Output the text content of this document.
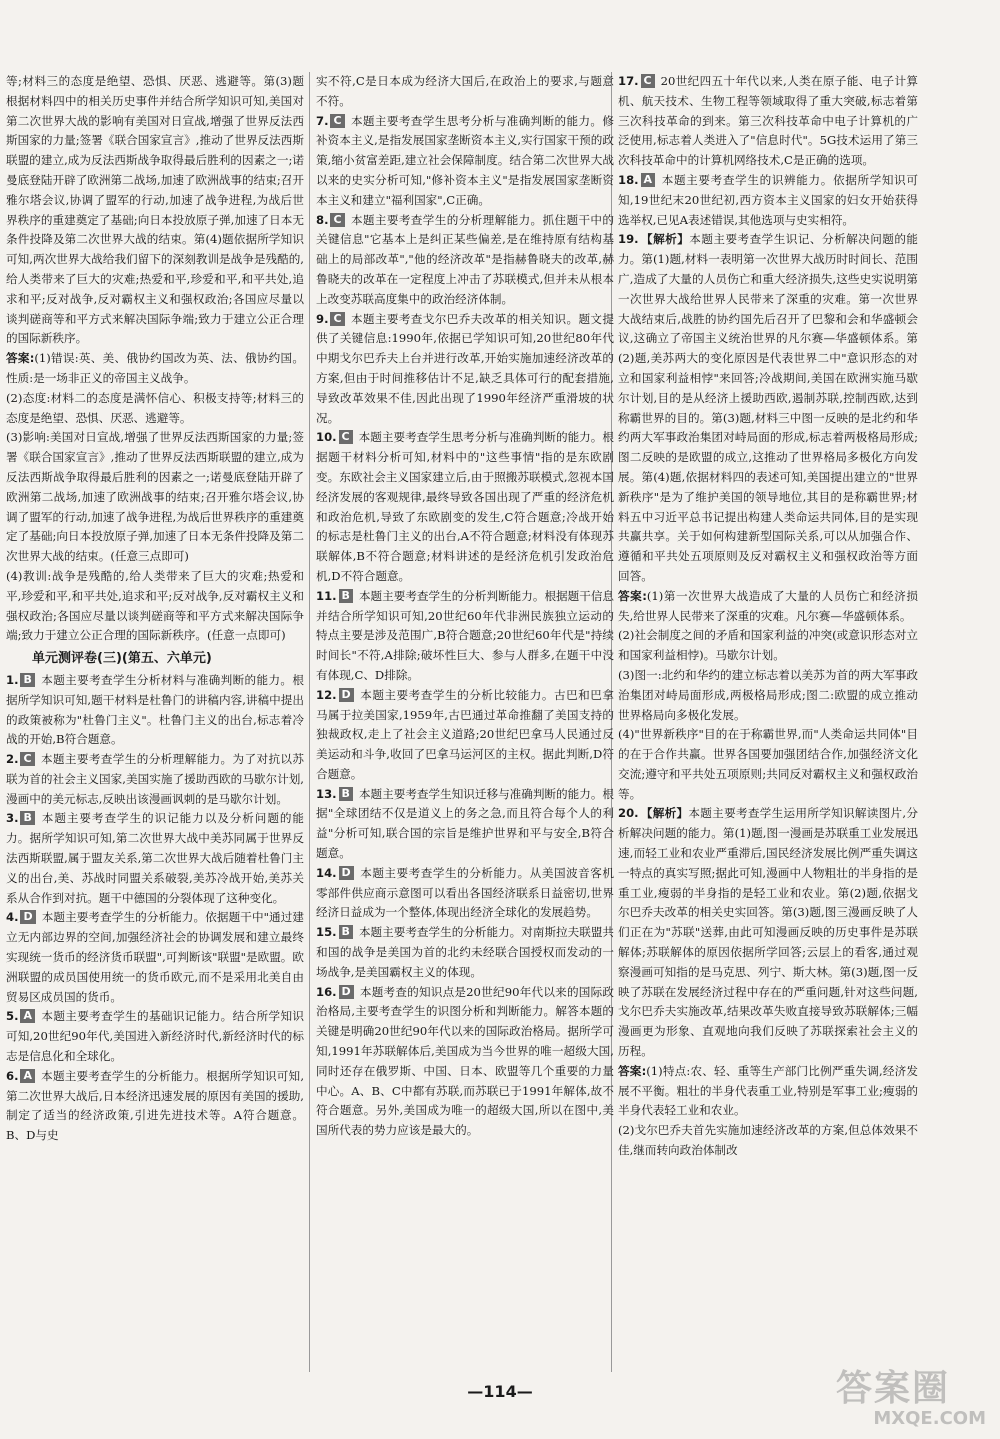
等;材料三的态度是绝望、恐惧、厌恶、逃避等。第(3)题根据材料四中的相关历史事件并结合所学知识可知,美国对第二次世界大战的影响有美国对日宣战,增强了世界反法西斯国家的力量;签署《联合国家宣言》,推动了世界反法西斯联盟的建立,成为反法西斯战争取得最后胜利的因素之一;诺曼底登陆开辟了欧洲第二战场,加速了欧洲战事的结束;召开雅尔塔会议,协调了盟军的行动,加速了战争进程,为战后世界秩序的重建奠定了基础;向日本投放原子弹,加速了日本无条件投降及第二次世界大战的结束。第(4)题依据所学知识可知,两次世界大战给我们留下的深刻教训是战争是残酷的,给人类带来了巨大的灾难;热爱和平,珍爱和平,和平共处,追求和平;反对战争,反对霸权主义和强权政治;各国应尽量以谈判磋商等和平方式来解决国际争端;致力于建立公正合理的国际新秩序。

答案:(1)错误:英、美、俄协约国改为英、法、俄协约国。性质:是一场非正义的帝国主义战争。

(2)态度:材料二的态度是满怀信心、积极支持等;材料三的态度是绝望、恐惧、厌恶、逃避等。

(3)影响:美国对日宣战,增强了世界反法西斯国家的力量;签署《联合国家宣言》,推动了世界反法西斯联盟的建立,成为反法西斯战争取得最后胜利的因素之一;诺曼底登陆开辟了欧洲第二战场,加速了欧洲战事的结束;召开雅尔塔会议,协调了盟军的行动,加速了战争进程,为战后世界秩序的重建奠定了基础;向日本投放原子弹,加速了日本无条件投降及第二次世界大战的结束。(任意三点即可)

(4)教训:战争是残酷的,给人类带来了巨大的灾难;热爱和平,珍爱和平,和平共处,追求和平;反对战争,反对霸权主义和强权政治;各国应尽量以谈判磋商等和平方式来解决国际争端;致力于建立公正合理的国际新秩序。(任意一点即可)

单元测评卷(三)(第五、六单元)

1. B 本题主要考查学生分析材料与准确判断的能力。根据所学知识可知,题干材料是杜鲁门的讲稿内容,讲稿中提出的政策被称为"杜鲁门主义"。杜鲁门主义的出台,标志着冷战的开始,B符合题意。

2. C 本题主要考查学生的分析理解能力。为了对抗以苏联为首的社会主义国家,美国实施了援助西欧的马歇尔计划,漫画中的美元标志,反映出该漫画讽刺的是马歇尔计划。

3. B 本题主要考查学生的识记能力以及分析问题的能力。据所学知识可知,第二次世界大战中美苏同属于世界反法西斯联盟,属于盟友关系,第二次世界大战后随着杜鲁门主义的出台,美、苏战时同盟关系破裂,美苏冷战开始,美苏关系从合作到对抗。题干中德国的分裂体现了这种变化。

4. D 本题主要考查学生的分析能力。依据题干中"通过建立无内部边界的空间,加强经济社会的协调发展和建立最终实现统一货币的经济货币联盟",可判断该"联盟"是欧盟。欧洲联盟的成员国使用统一的货币欧元,而不是采用北美自由贸易区成员国的货币。

5. A 本题主要考查学生的基础识记能力。结合所学知识可知,20世纪90年代,美国进入新经济时代,新经济时代的标志是信息化和全球化。

6. A 本题主要考查学生的分析能力。根据所学知识可知,第二次世界大战后,日本经济迅速发展的原因有美国的援助,制定了适当的经济政策,引进先进技术等。A符合题意。B、D与史

实不符,C是日本成为经济大国后,在政治上的要求,与题意不符。

7. C 本题主要考查学生思考分析与准确判断的能力。修补资本主义,是指发展国家垄断资本主义,实行国家干预的政策,缩小贫富差距,建立社会保障制度。结合第二次世界大战以来的史实分析可知,"修补资本主义"是指发展国家垄断资本主义和建立"福利国家",C正确。

8. C 本题主要考查学生的分析理解能力。抓住题干中的关键信息"它基本上是纠正某些偏差,是在维持原有结构基础上的局部改革","他的经济改革"是指赫鲁晓夫的改革,赫鲁晓夫的改革在一定程度上冲击了苏联模式,但并未从根本上改变苏联高度集中的政治经济体制。

9. C 本题主要考查戈尔巴乔夫改革的相关知识。题文提供了关键信息:1990年,依据已学知识可知,20世纪80年代中期戈尔巴乔夫上台并进行改革,开始实施加速经济改革的方案,但由于时间推移估计不足,缺乏具体可行的配套措施,导致改革效果不佳,因此出现了1990年经济严重滑坡的状况。

10. C 本题主要考查学生思考分析与准确判断的能力。根据题干材料分析可知,材料中的"这些事情"指的是东欧剧变。东欧社会主义国家建立后,由于照搬苏联模式,忽视本国经济发展的客观规律,最终导致各国出现了严重的经济危机和政治危机,导致了东欧剧变的发生,C符合题意;冷战开始的标志是杜鲁门主义的出台,A不符合题意;材料没有体现苏联解体,B不符合题意;材料讲述的是经济危机引发政治危机,D不符合题意。

11. B 本题主要考查学生的分析判断能力。根据题干信息并结合所学知识可知,20世纪60年代非洲民族独立运动的特点主要是涉及范围广,B符合题意;20世纪60年代是"持续时间长"不符,A排除;破坏性巨大、参与人群多,在题干中没有体现,C、D排除。

12. D 本题主要考查学生的分析比较能力。古巴和巴拿马属于拉美国家,1959年,古巴通过革命推翻了美国支持的独裁政权,走上了社会主义道路;20世纪巴拿马人民通过反美运动和斗争,收回了巴拿马运河区的主权。据此判断,D符合题意。

13. B 本题主要考查学生知识迁移与准确判断的能力。根据"全球团结不仅是道义上的务之急,而且符合每个人的利益"分析可知,联合国的宗旨是维护世界和平与安全,B符合题意。

14. D 本题主要考查学生的分析能力。从美国波音客机零部件供应商示意图可以看出各国经济联系日益密切,世界经济日益成为一个整体,体现出经济全球化的发展趋势。

15. B 本题主要考查学生的分析能力。对南斯拉夫联盟共和国的战争是美国为首的北约未经联合国授权而发动的一场战争,是美国霸权主义的体现。

16. D 本题考查的知识点是20世纪90年代以来的国际政治格局,主要考查学生的识图分析和判断能力。解答本题的关键是明确20世纪90年代以来的国际政治格局。据所学可知,1991年苏联解体后,美国成为当今世界的唯一超级大国,同时还存在俄罗斯、中国、日本、欧盟等几个重要的力量中心。A、B、C中都有苏联,而苏联已于1991年解体,故不符合题意。另外,美国成为唯一的超级大国,所以在图中,美国所代表的势力应该是最大的。

17. C 20世纪四五十年代以来,人类在原子能、电子计算机、航天技术、生物工程等领域取得了重大突破,标志着第三次科技革命的到来。第三次科技革命中电子计算机的广泛使用,标志着人类进入了"信息时代"。5G技术运用了第三次科技革命中的计算机网络技术,C是正确的选项。

18. A 本题主要考查学生的识辨能力。依据所学知识可知,19世纪末20世纪初,西方资本主义国家的妇女开始获得选举权,已见A表述错误,其他选项与史实相符。

19. 【解析】本题主要考查学生识记、分析解决问题的能力。第(1)题,材料一表明第一次世界大战历时时间长、范围广,造成了大量的人员伤亡和重大经济损失,这些史实说明第一次世界大战给世界人民带来了深重的灾难。第一次世界大战结束后,战胜的协约国先后召开了巴黎和会和华盛顿会议,这确立了帝国主义统治世界的凡尔赛—华盛顿体系。第(2)题,美苏两大的变化原因是代表世界二中"意识形态的对立和国家利益相悖"来回答;冷战期间,美国在欧洲实施马歇尔计划,目的是从经济上援助西欧,遏制苏联,控制西欧,达到称霸世界的目的。第(3)题,材料三中图一反映的是北约和华约两大军事政治集团对峙局面的形成,标志着两极格局形成;图二反映的是欧盟的成立,这推动了世界格局多极化方向发展。第(4)题,依据材料四的表述可知,美国提出建立的"世界新秩序"是为了维护美国的领导地位,其目的是称霸世界;材料五中习近平总书记提出构建人类命运共同体,目的是实现共赢共享。关于如何构建新型国际关系,可以从加强合作、遵循和平共处五项原则及反对霸权主义和强权政治等方面回答。

答案:(1)第一次世界大战造成了大量的人员伤亡和经济损失,给世界人民带来了深重的灾难。凡尔赛—华盛顿体系。

(2)社会制度之间的矛盾和国家利益的冲突(或意识形态对立和国家利益相悖)。马歇尔计划。

(3)图一:北约和华约的建立标志着以美苏为首的两大军事政治集团对峙局面形成,两极格局形成;图二:欧盟的成立推动世界格局向多极化发展。

(4)"世界新秩序"目的在于称霸世界,而"人类命运共同体"目的在于合作共赢。世界各国要加强团结合作,加强经济文化交流;遵守和平共处五项原则;共同反对霸权主义和强权政治等。

20. 【解析】本题主要考查学生运用所学知识解读图片,分析解决问题的能力。第(1)题,图一漫画是苏联重工业发展迅速,而轻工业和农业严重滞后,国民经济发展比例严重失调这一特点的真实写照;据此可知,漫画中人物粗壮的半身指的是重工业,瘦弱的半身指的是轻工业和农业。第(2)题,依据戈尔巴乔夫改革的相关史实回答。第(3)题,图三漫画反映了人们正在为"苏联"送葬,由此可知漫画反映的历史事件是苏联解体;苏联解体的原因依据所学回答;云层上的看客,通过观察漫画可知指的是马克思、列宁、斯大林。第(3)题,图一反映了苏联在发展经济过程中存在的严重问题,针对这些问题,戈尔巴乔夫实施改革,结果改革失败直接导致苏联解体;三幅漫画更为形象、直观地向我们反映了苏联探索社会主义的历程。

答案:(1)特点:农、轻、重等生产部门比例严重失调,经济发展不平衡。粗壮的半身代表重工业,特别是军事工业;瘦弱的半身代表轻工业和农业。

(2)戈尔巴乔夫首先实施加速经济改革的方案,但总体效果不佳,继而转向政治体制改

—114—	答案圈
MXQE.COM
